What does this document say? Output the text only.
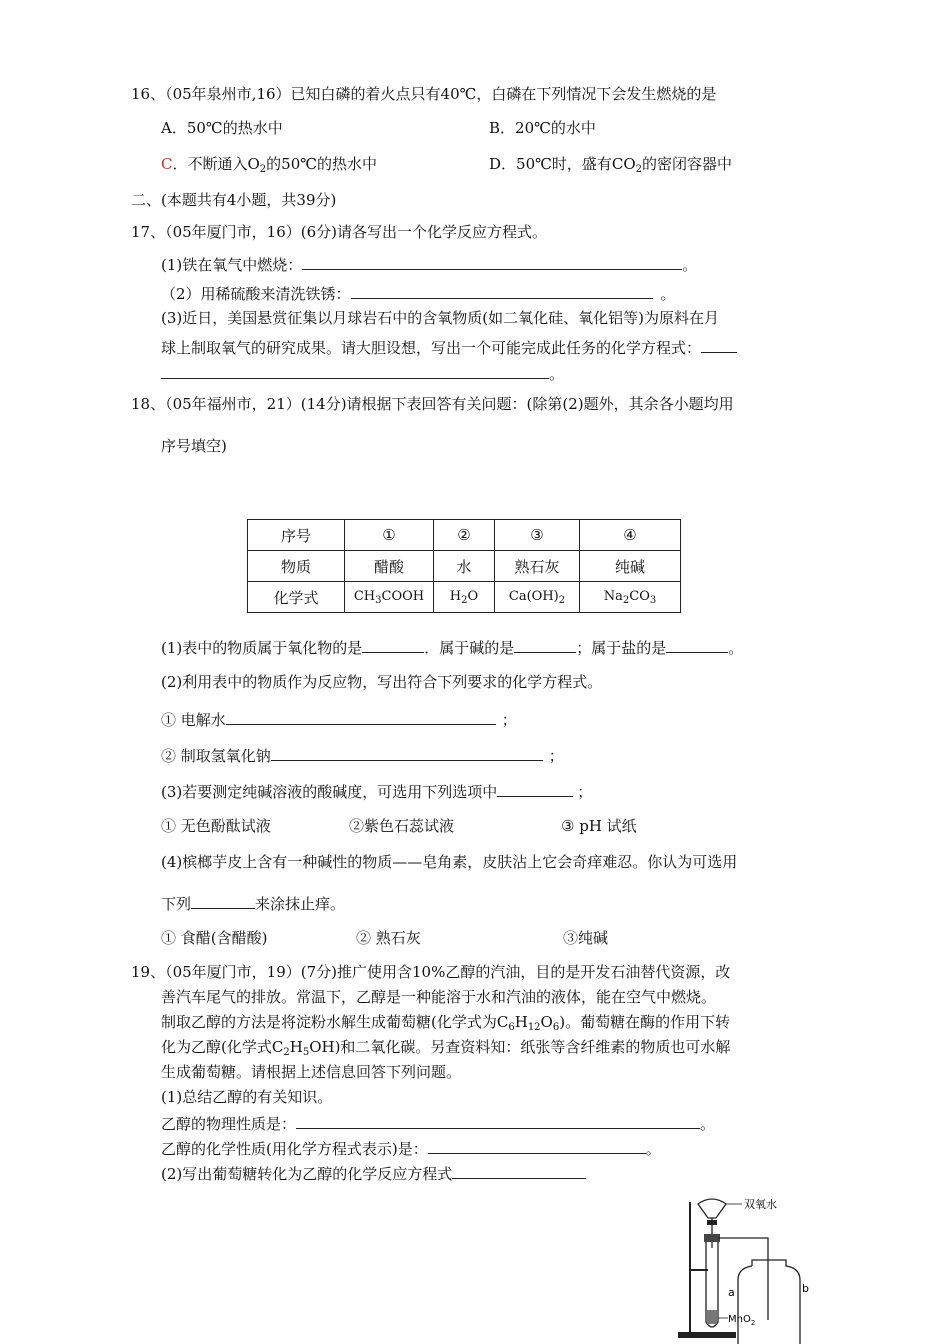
16、（05年泉州市,16）已知白磷的着火点只有40℃，白磷在下列情况下会发生燃烧的是
A．50℃的热水中	B．20℃的水中
C．不断通入$O_2$的50℃的热水中	D．50℃时，盛有$CO_2$的密闭容器中
二、(本题共有4小题，共39分)
17、（05年厦门市，16）(6分)请各写出一个化学反应方程式。
(1)铁在氧气中燃烧：	。
（2）用稀硫酸来清洗铁锈：	。
(3)近日，美国悬赏征集以月球岩石中的含氧物质(如二氧化硅、氧化铝等)为原料在月
球上制取氧气的研究成果。请大胆设想，写出一个可能完成此任务的化学方程式：
。
18、（05年福州市，21）(14分)请根据下表回答有关问题：(除第(2)题外，其余各小题均用
序号填空)
序号	①	②	③	④
物质	醋酸	水	熟石灰	纯碱
化学式	$CH_3COOH$	$H_2O$	$Ca(OH)_2$	$Na_2CO_3$
(1)表中的物质属于氧化物的是	．属于碱的是	；属于盐的是	。
(2)利用表中的物质作为反应物，写出符合下列要求的化学方程式。
① 电解水	；
② 制取氢氧化钠	；
(3)若要测定纯碱溶液的酸碱度，可选用下列选项中	；
① 无色酚酞试液	②紫色石蕊试液	③ pH 试纸
(4)槟榔芋皮上含有一种碱性的物质——皂角素，皮肤沾上它会奇痒难忍。你认为可选用
下列	来涂抹止痒。
① 食醋(含醋酸)	② 熟石灰	③纯碱
19、（05年厦门市，19）(7分)推广使用含10%乙醇的汽油，目的是开发石油替代资源，改
善汽车尾气的排放。常温下，乙醇是一种能溶于水和汽油的液体，能在空气中燃烧。
制取乙醇的方法是将淀粉水解生成葡萄糖(化学式为$C_6H_{12}O_6$)。葡萄糖在酶的作用下转
化为乙醇(化学式$C_2H_5OH$)和二氧化碳。另查资料知：纸张等含纤维素的物质也可水解
生成葡萄糖。请根据上述信息回答下列问题。
(1)总结乙醇的有关知识。
乙醇的物理性质是：	。
乙醇的化学性质(用化学方程式表示)是：	。
(2)写出葡萄糖转化为乙醇的化学反应方程式
双氧水
a
MnO$_2$
b
